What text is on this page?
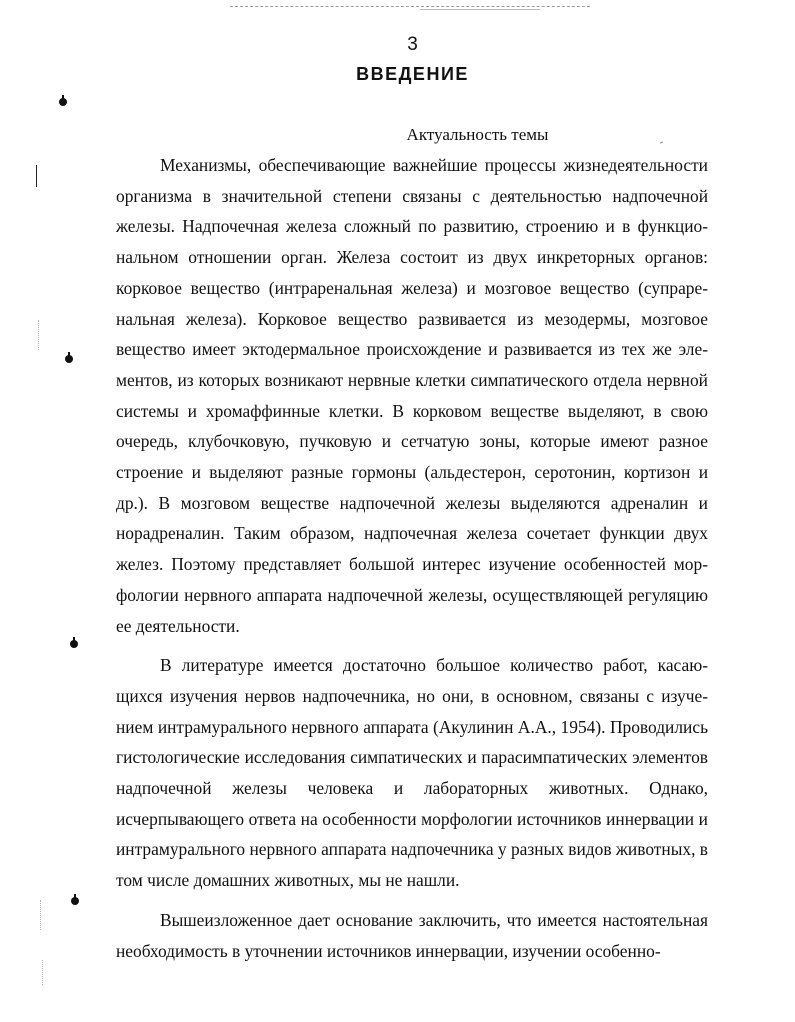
3
ВВЕДЕНИЕ
Актуальность темы

Механизмы, обеспечивающие важнейшие процессы жизнедеятельности организма в значительной степени связаны с деятельностью надпочечной железы. Надпочечная железа сложный по развитию, строению и в функциональном отношении орган. Железа состоит из двух инкреторных органов: корковое вещество (интраренальная железа) и мозговое вещество (супраренальная железа). Корковое вещество развивается из мезодермы, мозговое вещество имеет эктодермальное происхождение и развивается из тех же элементов, из которых возникают нервные клетки симпатического отдела нервной системы и хромаффинные клетки. В корковом веществе выделяют, в свою очередь, клубочковую, пучковую и сетчатую зоны, которые имеют разное строение и выделяют разные гормоны (альдестерон, серотонин, кортизон и др.). В мозговом веществе надпочечной железы выделяются адреналин и норадреналин. Таким образом, надпочечная железа сочетает функции двух желез. Поэтому представляет большой интерес изучение особенностей морфологии нервного аппарата надпочечной железы, осуществляющей регуляцию ее деятельности.

В литературе имеется достаточно большое количество работ, касающихся изучения нервов надпочечника, но они, в основном, связаны с изучением интрамурального нервного аппарата (Акулинин А.А., 1954). Проводились гистологические исследования симпатических и парасимпатических элементов надпочечной железы человека и лабораторных животных. Однако, исчерпывающего ответа на особенности морфологии источников иннервации и интрамурального нервного аппарата надпочечника у разных видов животных, в том числе домашних животных, мы не нашли.

Вышеизложенное дает основание заключить, что имеется настоятельная необходимость в уточнении источников иннервации, изучении особенно-
